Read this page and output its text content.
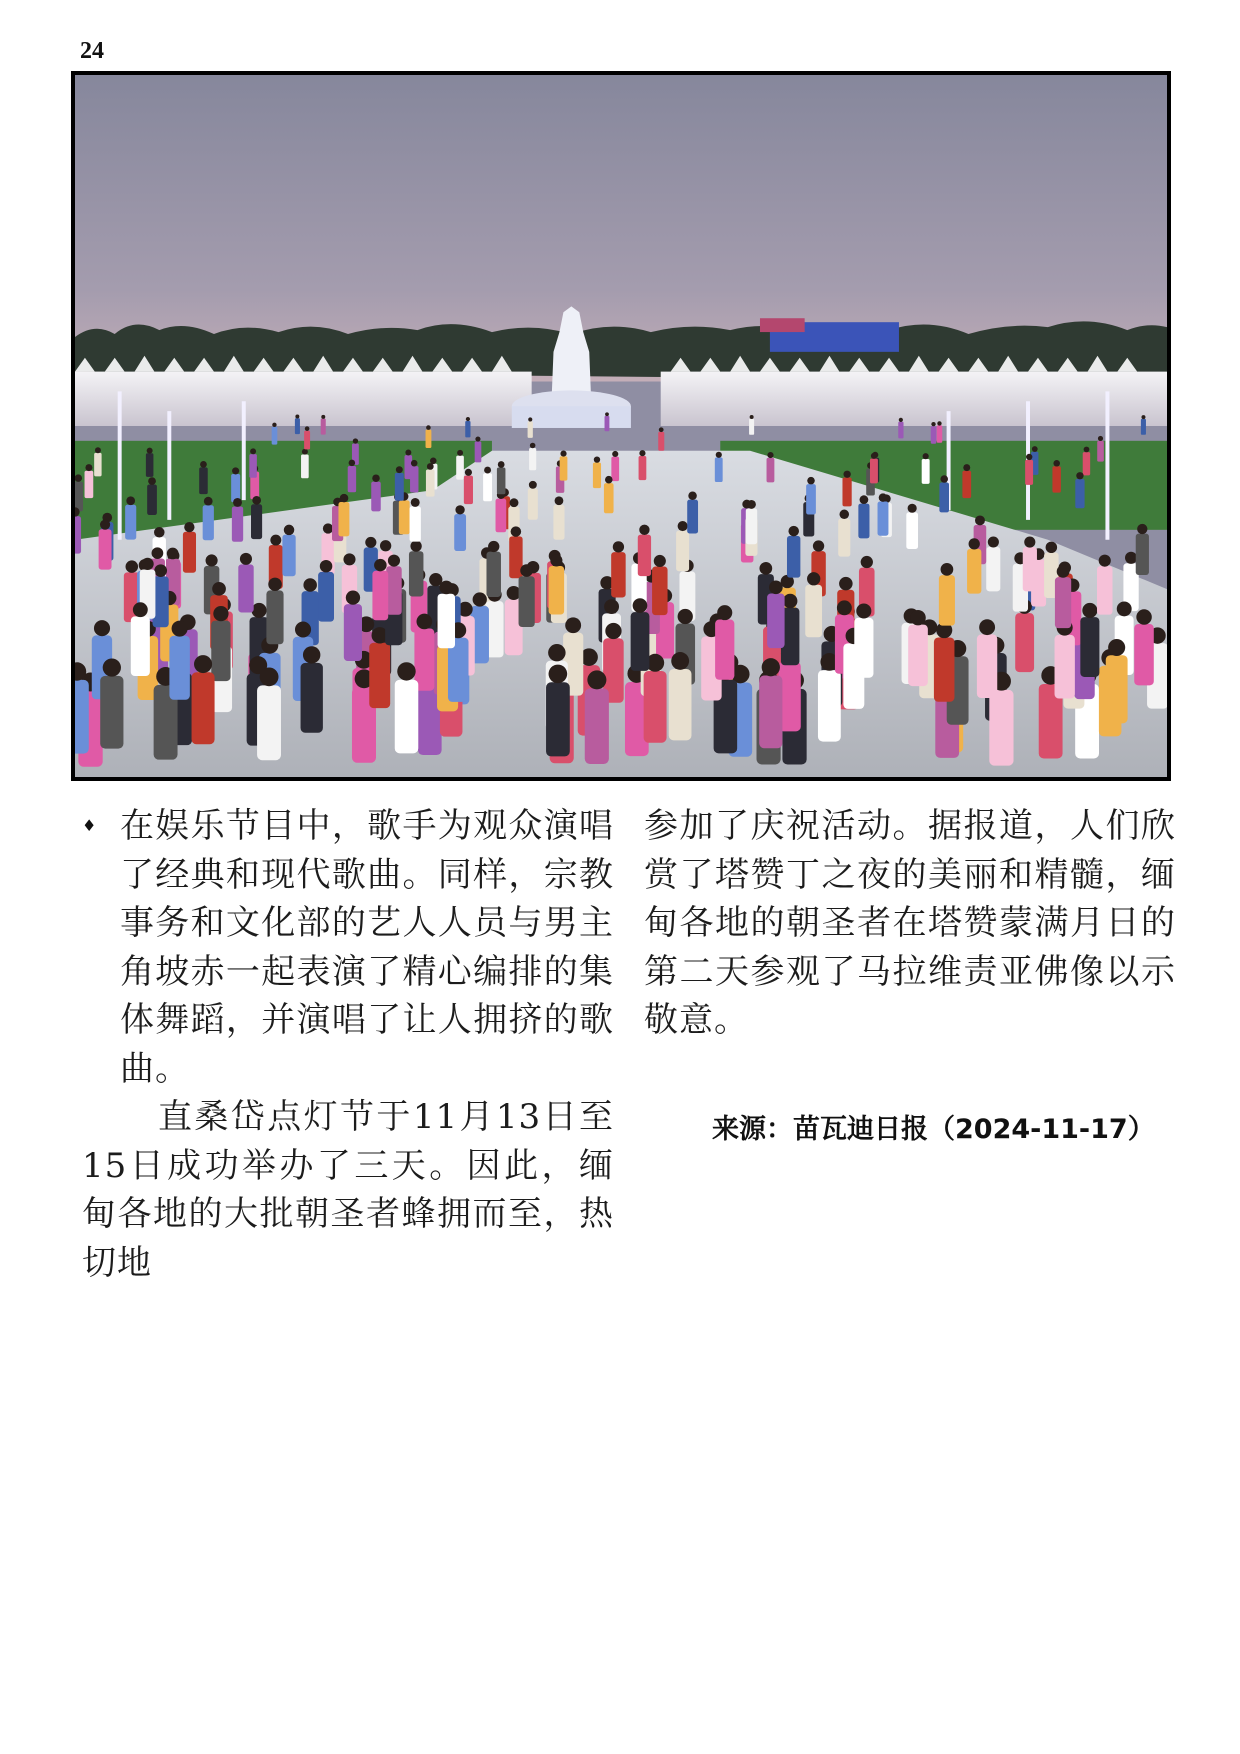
24
♦ 在娱乐节目中，歌手为观众演唱了经典和现代歌曲。同样，宗教事务和文化部的艺人人员与男主角坡赤一起表演了精心编排的集体舞蹈，并演唱了让人拥挤的歌曲。
直桑岱点灯节于11月13日至15日成功举办了三天。因此，缅甸各地的大批朝圣者蜂拥而至，热切地
参加了庆祝活动。据报道，人们欣赏了塔赞丁之夜的美丽和精髓，缅甸各地的朝圣者在塔赞蒙满月日的第二天参观了马拉维责亚佛像以示敬意。
来源：苗瓦迪日报（2024-11-17）
